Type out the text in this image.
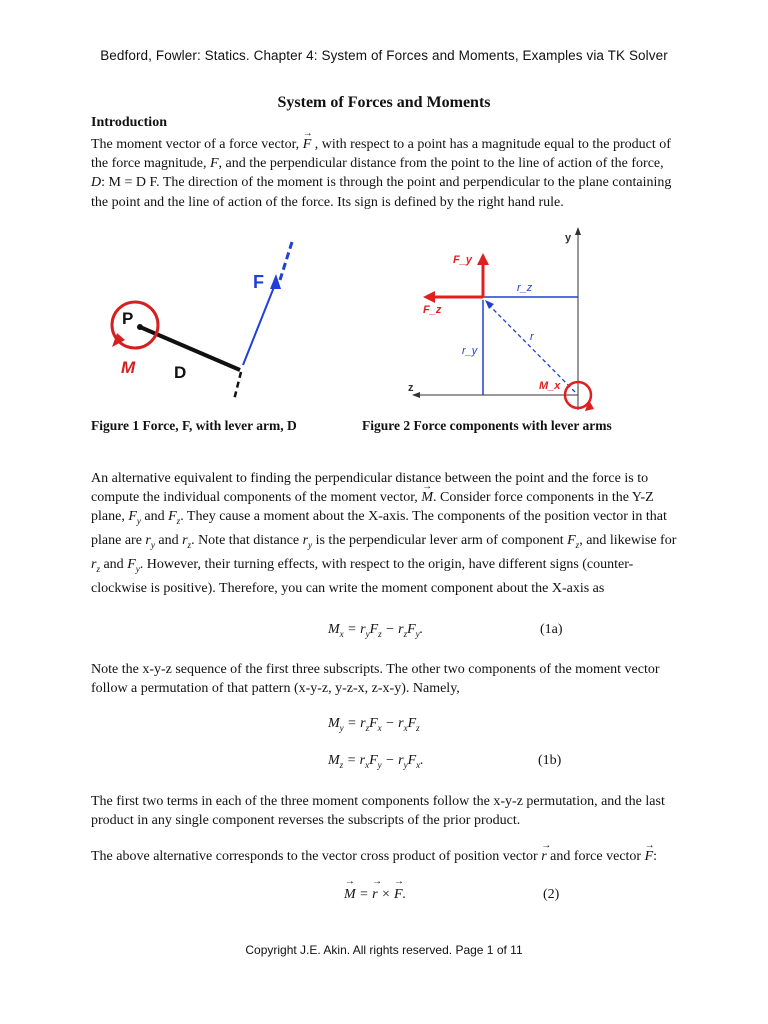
Bedford, Fowler: Statics. Chapter 4: System of Forces and Moments, Examples via TK Solver
System of Forces and Moments
Introduction
The moment vector of a force vector, → F , with respect to a point has a magnitude equal to the product of the force magnitude, F, and the perpendicular distance from the point to the line of action of the force, D: M = D F. The direction of the moment is through the point and perpendicular to the plane containing the point and the line of action of the force. Its sign is defined by the right hand rule.
F
P
M D
y
z
F_y
F_z
r_z
r_y
r
M_x
Figure 1 Force, F, with lever arm, D	Figure 2 Force components with lever arms
An alternative equivalent to finding the perpendicular distance between the point and the force is to compute the individual components of the moment vector, → M. Consider force components in the Y-Z plane, $F_y$ and $F_z$. They cause a moment about the X-axis. The components of the position vector in that plane are $r_y$ and $r_z$. Note that distance $r_y$ is the perpendicular lever arm of component $F_z$, and likewise for $r_z$ and $F_y$. However, their turning effects, with respect to the origin, have different signs (counter-clockwise is positive). Therefore, you can write the moment component about the X-axis as
$M_x = r_yF_z - r_zF_y$.	(1a)
Note the x-y-z sequence of the first three subscripts. The other two components of the moment vector follow a permutation of that pattern (x-y-z, y-z-x, z-x-y). Namely,
$M_y = r_zF_x - r_xF_z$
$M_z = r_xF_y - r_yF_x$.	(1b)
The first two terms in each of the three moment components follow the x-y-z permutation, and the last product in any single component reverses the subscripts of the prior product.
The above alternative corresponds to the vector cross product of position vector → r and force vector → F:
→ M = → r × → F.	(2)
Copyright J.E. Akin. All rights reserved. Page 1 of 11
